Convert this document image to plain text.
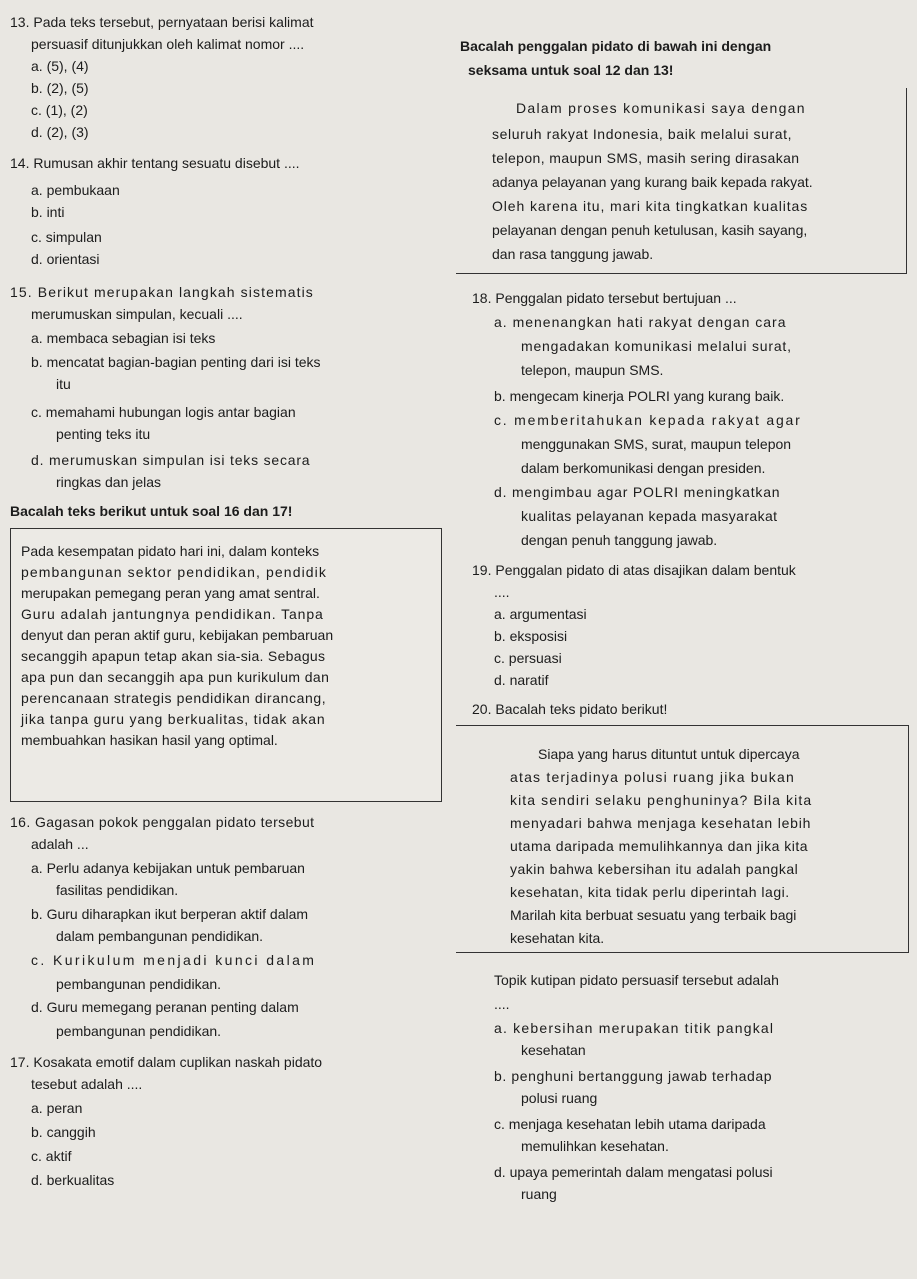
13. Pada teks tersebut, pernyataan berisi kalimat
persuasif ditunjukkan oleh kalimat nomor ....
a. (5), (4)
b. (2), (5)
c. (1), (2)
d. (2), (3)
14. Rumusan akhir tentang sesuatu disebut ....
a. pembukaan
b. inti
c. simpulan
d. orientasi
15. Berikut merupakan langkah sistematis
merumuskan simpulan, kecuali ....
a. membaca sebagian isi teks
b. mencatat bagian-bagian penting dari isi teks
itu
c. memahami hubungan logis antar bagian
penting teks itu
d. merumuskan simpulan isi teks secara
ringkas dan jelas
Bacalah teks berikut untuk soal 16 dan 17!
Pada kesempatan pidato hari ini, dalam konteks
pembangunan sektor pendidikan, pendidik
merupakan pemegang peran yang amat sentral.
Guru adalah jantungnya pendidikan. Tanpa
denyut dan peran aktif guru, kebijakan pembaruan
secanggih apapun tetap akan sia-sia. Sebagus
apa pun dan secanggih apa pun kurikulum dan
perencanaan strategis pendidikan dirancang,
jika tanpa guru yang berkualitas, tidak akan
membuahkan hasikan hasil yang optimal.
16. Gagasan pokok penggalan pidato tersebut
adalah ...
a. Perlu adanya kebijakan untuk pembaruan
fasilitas pendidikan.
b. Guru diharapkan ikut berperan aktif dalam
dalam pembangunan pendidikan.
c. Kurikulum menjadi kunci dalam
pembangunan pendidikan.
d. Guru memegang peranan penting dalam
pembangunan pendidikan.
17. Kosakata emotif dalam cuplikan naskah pidato
tesebut adalah ....
a. peran
b. canggih
c. aktif
d. berkualitas
Bacalah penggalan pidato di bawah ini dengan
seksama untuk soal 12 dan 13!
Dalam proses komunikasi saya dengan
seluruh rakyat Indonesia, baik melalui surat,
telepon, maupun SMS, masih sering dirasakan
adanya pelayanan yang kurang baik kepada rakyat.
Oleh karena itu, mari kita tingkatkan kualitas
pelayanan dengan penuh ketulusan, kasih sayang,
dan rasa tanggung jawab.
18. Penggalan pidato tersebut bertujuan ...
a. menenangkan hati rakyat dengan cara
mengadakan komunikasi melalui surat,
telepon, maupun SMS.
b. mengecam kinerja POLRI yang kurang baik.
c. memberitahukan kepada rakyat agar
menggunakan SMS, surat, maupun telepon
dalam berkomunikasi dengan presiden.
d. mengimbau agar POLRI meningkatkan
kualitas pelayanan kepada masyarakat
dengan penuh tanggung jawab.
19. Penggalan pidato di atas disajikan dalam bentuk
....
a. argumentasi
b. eksposisi
c. persuasi
d. naratif
20. Bacalah teks pidato berikut!
Siapa yang harus dituntut untuk dipercaya
atas terjadinya polusi ruang jika bukan
kita sendiri selaku penghuninya? Bila kita
menyadari bahwa menjaga kesehatan lebih
utama daripada memulihkannya dan jika kita
yakin bahwa kebersihan itu adalah pangkal
kesehatan, kita tidak perlu diperintah lagi.
Marilah kita berbuat sesuatu yang terbaik bagi
kesehatan kita.
Topik kutipan pidato persuasif tersebut adalah
....
a. kebersihan merupakan titik pangkal
kesehatan
b. penghuni bertanggung jawab terhadap
polusi ruang
c. menjaga kesehatan lebih utama daripada
memulihkan kesehatan.
d. upaya pemerintah dalam mengatasi polusi
ruang
